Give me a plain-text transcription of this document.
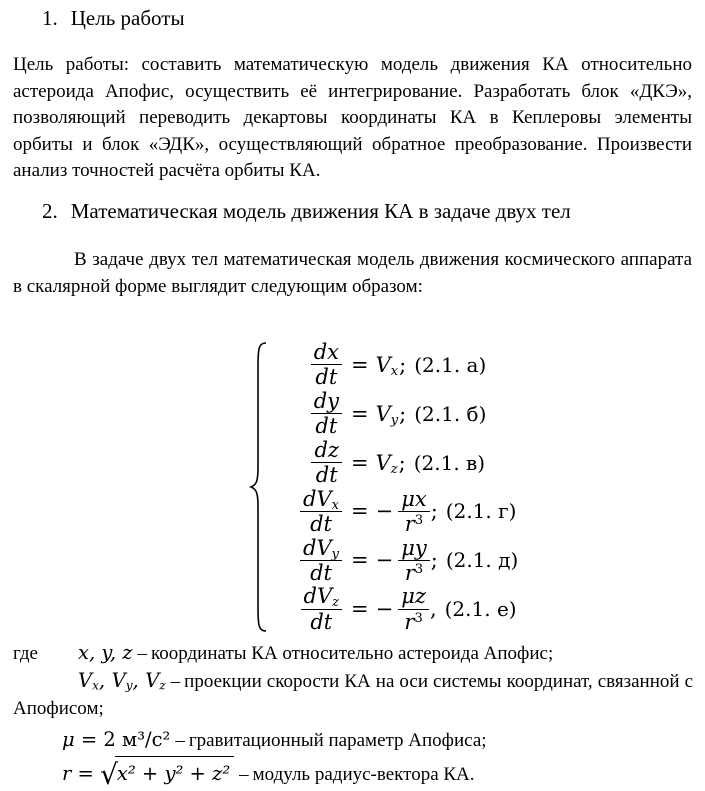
1. Цель работы
Цель работы: составить математическую модель движения КА относительно астероида Апофис, осуществить её интегрирование. Разработать блок «ДКЭ», позволяющий переводить декартовы координаты КА в Кеплеровы элементы орбиты и блок «ЭДК», осуществляющий обратное преобразование. Произвести анализ точностей расчёта орбиты КА.
2. Математическая модель движения КА в задаче двух тел
В задаче двух тел математическая модель движения космического аппарата в скалярной форме выглядит следующим образом:
$\frac{dx}{dt} = V_x$; (2.1. а)
$\frac{dy}{dt} = V_y$; (2.1. б)
$\frac{dz}{dt} = V_z$; (2.1. в)
$\frac{dV_x}{dt}$ = − $\frac{\mu x}{r^3}$ ; (2.1. г)
$\frac{dV_y}{dt}$ = − $\frac{\mu y}{r^3}$ ; (2.1. д)
$\frac{dV_z}{dt}$ = − $\frac{\mu z}{r^3}$ , (2.1. е)
где x, y, z – координаты КА относительно астероида Апофис;
$V_x$, $V_y$, $V_z$ – проекции скорости КА на оси системы координат, связанной с Апофисом;
μ = 2 м³/с² – гравитационный параметр Апофиса;
r = √x² + y² + z² – модуль радиус-вектора КА.
